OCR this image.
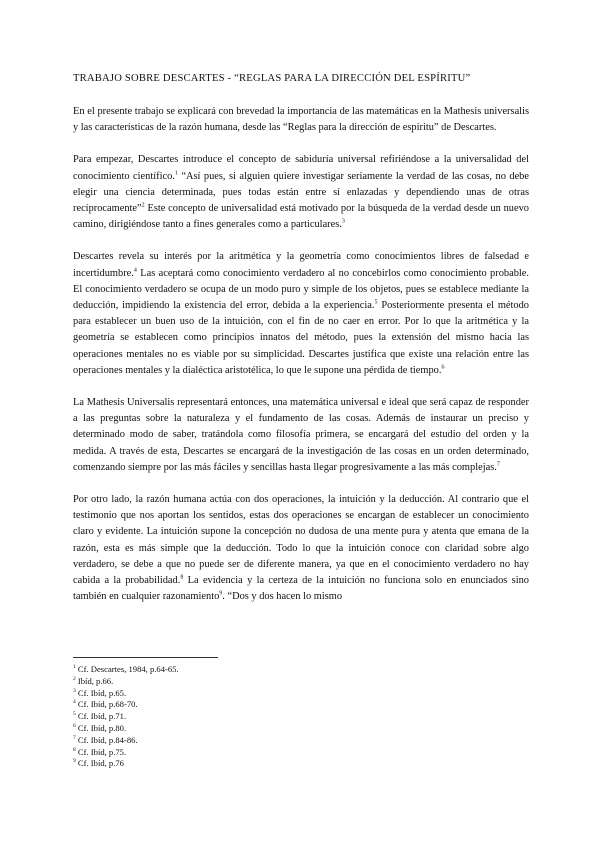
TRABAJO SOBRE DESCARTES - “REGLAS PARA LA DIRECCIÓN DEL ESPÍRITU”

En el presente trabajo se explicará con brevedad la importancia de las matemáticas en la Mathesis universalis y las características de la razón humana, desde las “Reglas para la dirección de espíritu” de Descartes.

Para empezar, Descartes introduce el concepto de sabiduría universal refiriéndose a la universalidad del conocimiento científico.$^1$ “Así pues, si alguien quiere investigar seriamente la verdad de las cosas, no debe elegir una ciencia determinada, pues todas están entre sí enlazadas y dependiendo unas de otras recíprocamente”$^2$ Este concepto de universalidad está motivado por la búsqueda de la verdad desde un nuevo camino, dirigiéndose tanto a fines generales como a particulares.$^3$

Descartes revela su interés por la aritmética y la geometría como conocimientos libres de falsedad e incertidumbre.$^4$ Las aceptará como conocimiento verdadero al no concebirlos como conocimiento probable. El conocimiento verdadero se ocupa de un modo puro y simple de los objetos, pues se establece mediante la deducción, impidiendo la existencia del error, debida a la experiencia.$^5$ Posteriormente presenta el método para establecer un buen uso de la intuición, con el fin de no caer en error. Por lo que la aritmética y la geometría se establecen como principios innatos del método, pues la extensión del mismo hacia las operaciones mentales no es viable por su simplicidad. Descartes justifica que existe una relación entre las operaciones mentales y la dialéctica aristotélica, lo que le supone una pérdida de tiempo.$^6$

La Mathesis Universalis representará entonces, una matemática universal e ideal que será capaz de responder a las preguntas sobre la naturaleza y el fundamento de las cosas. Además de instaurar un preciso y determinado modo de saber, tratándola como filosofía primera, se encargará del estudio del orden y la medida. A través de esta, Descartes se encargará de la investigación de las cosas en un orden determinado, comenzando siempre por las más fáciles y sencillas hasta llegar progresivamente a las más complejas.$^7$

Por otro lado, la razón humana actúa con dos operaciones, la intuición y la deducción. Al contrario que el testimonio que nos aportan los sentidos, estas dos operaciones se encargan de establecer un conocimiento claro y evidente. La intuición supone la concepción no dudosa de una mente pura y atenta que emana de la razón, esta es más simple que la deducción. Todo lo que la intuición conoce con claridad sobre algo verdadero, se debe a que no puede ser de diferente manera, ya que en el conocimiento verdadero no hay cabida a la probabilidad.$^8$ La evidencia y la certeza de la intuición no funciona solo en enunciados sino también en cualquier razonamiento$^9$. “Dos y dos hacen lo mismo

$^1$ Cf. Descartes, 1984, p.64-65.
$^2$ Ibíd, p.66.
$^3$ Cf. Ibíd, p.65.
$^4$ Cf. Ibíd, p.68-70.
$^5$ Cf. Ibíd, p.71.
$^6$ Cf. Ibíd, p.80.
$^7$ Cf. Ibíd, p.84-86.
$^8$ Cf. Ibíd, p.75.
$^9$ Cf. Ibíd, p.76
